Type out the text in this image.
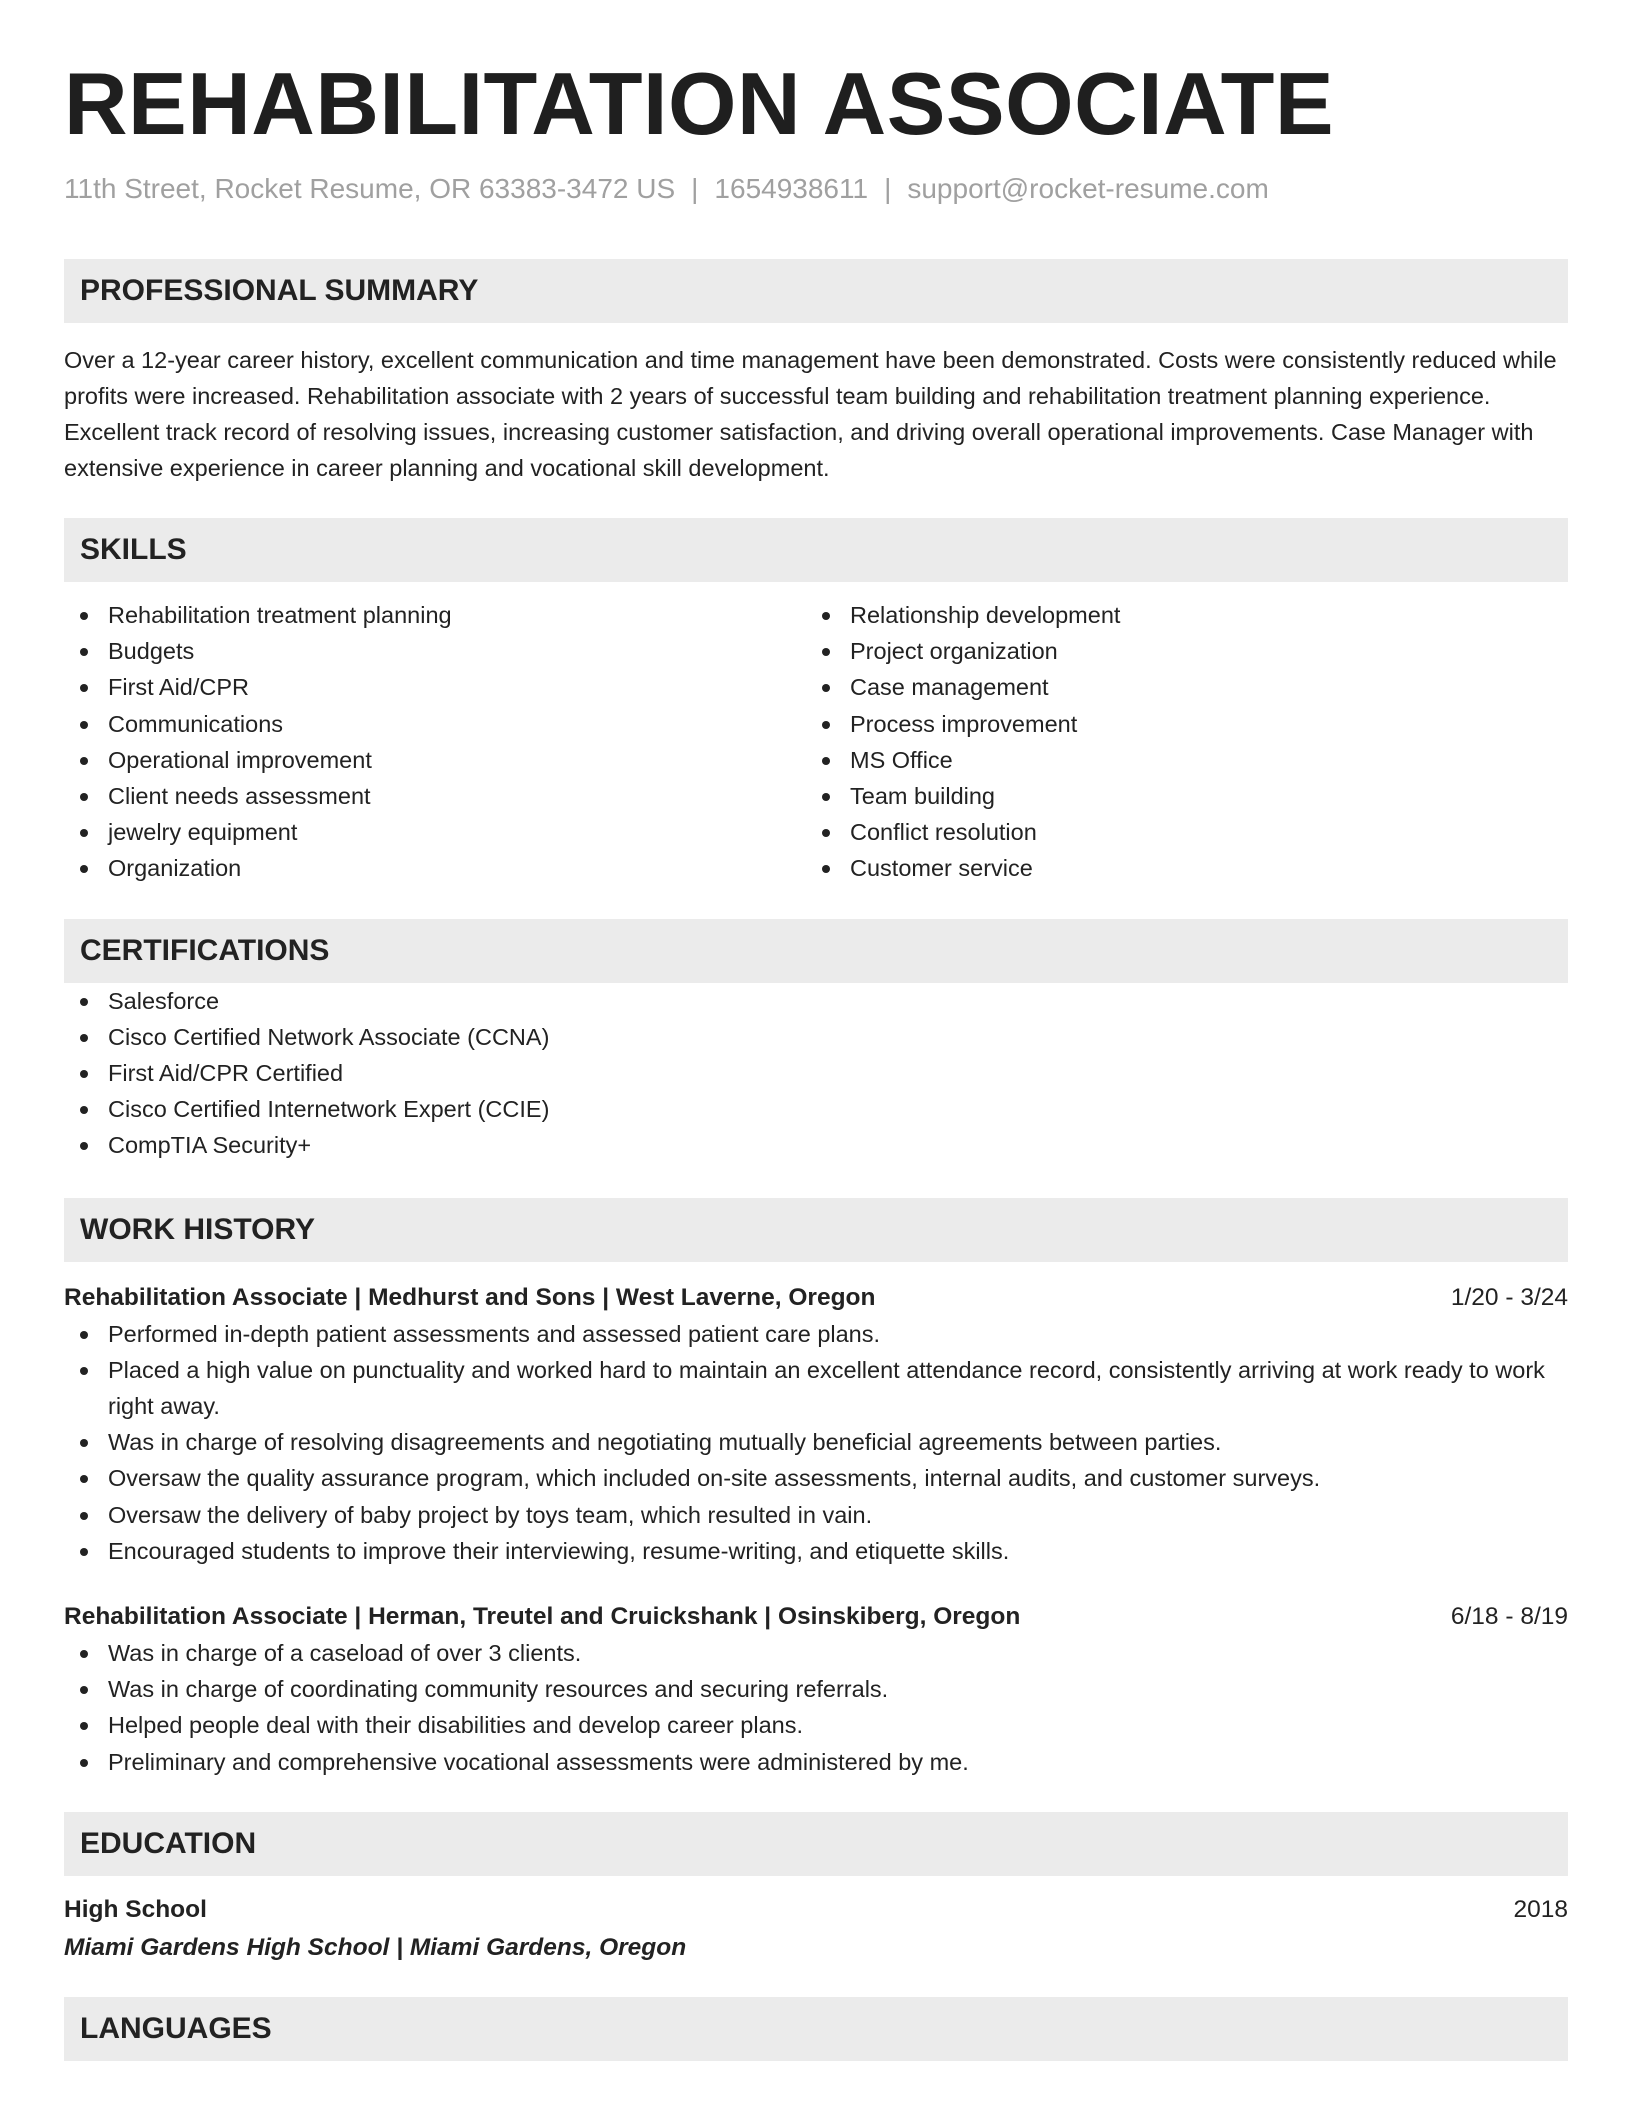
REHABILITATION ASSOCIATE
11th Street, Rocket Resume, OR 63383-3472 US | 1654938611 | support@rocket-resume.com
PROFESSIONAL SUMMARY

Over a 12-year career history, excellent communication and time management have been demonstrated. Costs were consistently reduced while profits were increased. Rehabilitation associate with 2 years of successful team building and rehabilitation treatment planning experience. Excellent track record of resolving issues, increasing customer satisfaction, and driving overall operational improvements. Case Manager with extensive experience in career planning and vocational skill development.

SKILLS
Rehabilitation treatment planning
Budgets
First Aid/CPR
Communications
Operational improvement
Client needs assessment
jewelry equipment
Organization
Relationship development
Project organization
Case management
Process improvement
MS Office
Team building
Conflict resolution
Customer service
CERTIFICATIONS
Salesforce
Cisco Certified Network Associate (CCNA)
First Aid/CPR Certified
Cisco Certified Internetwork Expert (CCIE)
CompTIA Security+
WORK HISTORY
Rehabilitation Associate | Medhurst and Sons | West Laverne, Oregon	1/20 - 3/24
Performed in-depth patient assessments and assessed patient care plans.
Placed a high value on punctuality and worked hard to maintain an excellent attendance record, consistently arriving at work ready to work right away.
Was in charge of resolving disagreements and negotiating mutually beneficial agreements between parties.
Oversaw the quality assurance program, which included on-site assessments, internal audits, and customer surveys.
Oversaw the delivery of baby project by toys team, which resulted in vain.
Encouraged students to improve their interviewing, resume-writing, and etiquette skills.
Rehabilitation Associate | Herman, Treutel and Cruickshank | Osinskiberg, Oregon	6/18 - 8/19
Was in charge of a caseload of over 3 clients.
Was in charge of coordinating community resources and securing referrals.
Helped people deal with their disabilities and develop career plans.
Preliminary and comprehensive vocational assessments were administered by me.
EDUCATION
High School	2018
Miami Gardens High School | Miami Gardens, Oregon
LANGUAGES
